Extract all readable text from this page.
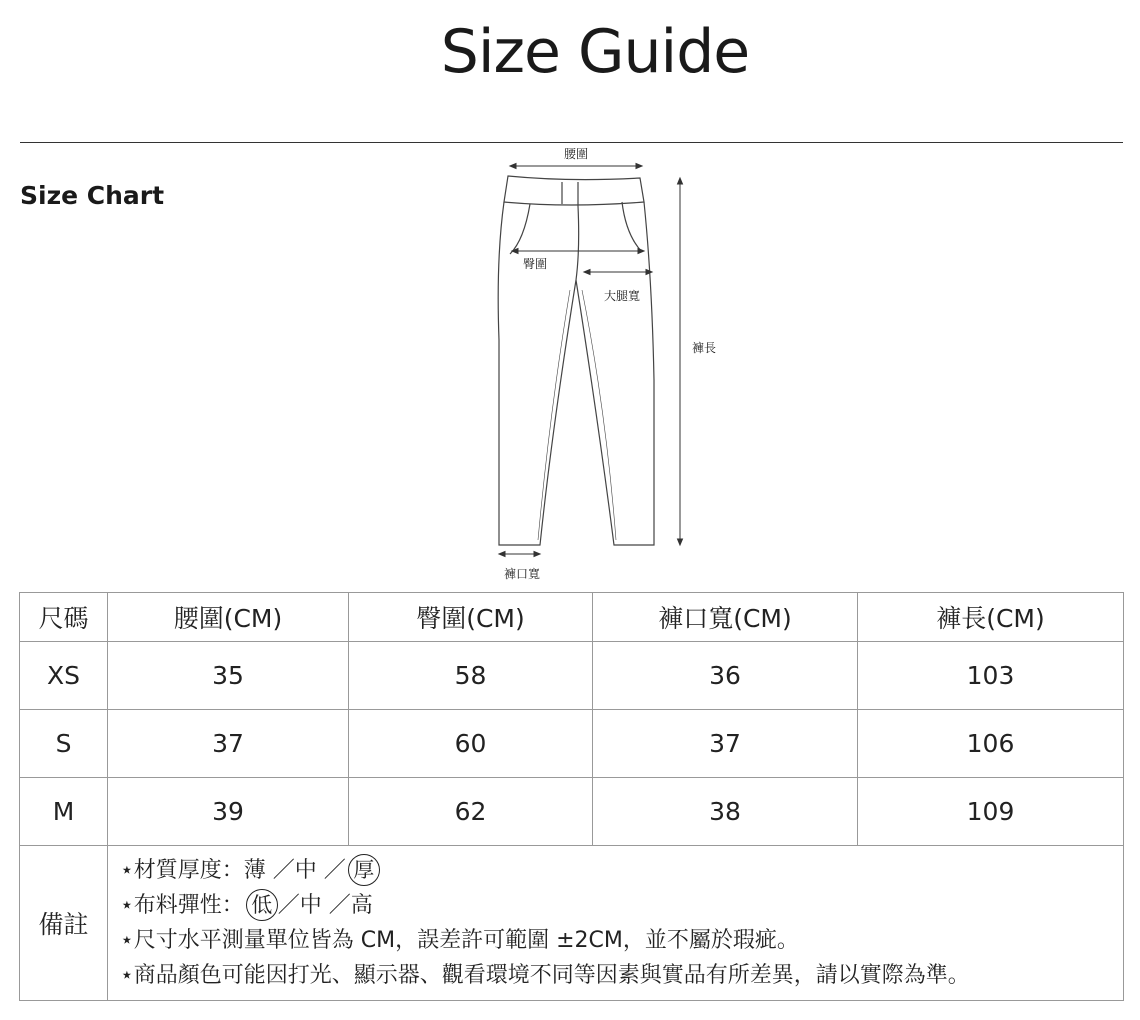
Size Guide
Size Chart
腰圍
臀圍
大腿寬
褲長
褲口寬
尺碼	腰圍(CM)	臀圍(CM)	褲口寬(CM)	褲長(CM)
XS	35	58	36	103
S	37	60	37	106
M	39	62	38	109
備註	⋆材質厚度：薄 ／中 ／ 厚
⋆布料彈性： 低 ／中 ／高
⋆尺寸水平測量單位皆為 CM，誤差許可範圍 ±2CM，並不屬於瑕疵。
⋆商品顏色可能因打光、顯示器、觀看環境不同等因素與實品有所差異，請以實際為準。			
